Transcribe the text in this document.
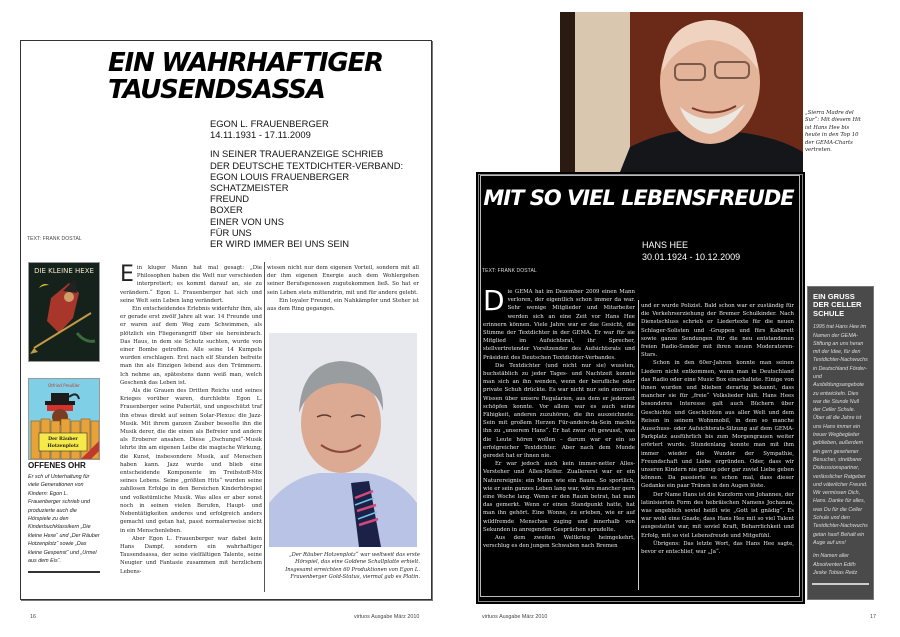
EIN WAHRHAFTIGER
TAUSENDSASSA
EGON L. FRAUENBERGER
14.11.1931 - 17.11.2009
IN SEINER TRAUERANZEIGE SCHRIEB
DER DEUTSCHE TEXTDICHTER-VERBAND:
EGON LOUIS FRAUENBERGER
SCHATZMEISTER
FREUND
BOXER
EINER VON UNS
FÜR UNS
ER WIRD IMMER BEI UNS SEIN
TEXT: FRANK DOSTAL
DIE KLEINE HEXE
Otfried Preußler
Der Räuber
Hotzenplotz
OFFENES OHR
Er sch uf Unterhaltung für viele Generationen von Kindern: Egon L. Frauenberger schrieb und produzierte auch die Hörspiele zu den Kinderbuchklassikern „Die kleine Hexe“ und „Der Räuber Hotzenplotz“ sowie „Das kleine Gespenst“ und „Urmel aus dem Eis“.

Ein kluger Mann hat mal gesagt: „Die Philosophen haben die Welt nur verschieden interpretiert; es kommt darauf an, sie zu verändern.“ Egon L. Frauenberger hat sich und seine Welt sein Leben lang verändert.

Ein entscheidendes Erlebnis widerfuhr ihm, als er gerade erst zwölf Jahre alt war. 14 Freunde und er waren auf dem Weg zum Schwimmen, als plötzlich ein Fliegerangriff über sie hereinbrach. Das Haus, in dem sie Schutz suchten, wurde von einer Bombe getroffen. Alle seine 14 Kumpels wurden erschlagen. Erst nach elf Stunden befreite man ihn als Einzigen lebend aus den Trümmern. Ich nehme an, spätestens dann weiß man, welch Geschenk das Leben ist.

Als die Grauen des Dritten Reichs und seines Krieges vorüber waren, durchlebte Egon L. Frauenberger seine Pubertät, und ungeschützt traf ihn etwas direkt auf seinen Solar-Plexus: die Jazz-Musik. Mit ihrem ganzen Zauber beseelte ihn die Musik derer, die die einen als Befreier und andere als Eroberer ansahen. Diese „Dschungel“-Musik lehrte ihn am eigenen Leibe die magische Wirkung, die Kunst, insbesondere Musik, auf Menschen haben kann. Jazz wurde und blieb eine entscheidende Komponente im Treibstoff-Mix seines Lebens. Seine „größten Hits“ wurden seine zahllosen Erfolge in den Bereichen Kinderhörspiel und volkstümliche Musik. Was alles er aber sonst noch in seinen vielen Berufen, Haupt- und Nebentätigkeiten anderes und erfolgreich anders gemacht und getan hat, passt normalerweise nicht in ein Menschenleben.

Aber Egon L. Frauenberger war dabei kein Hans Dampf, sondern ein wahrhaftiger Tausendsassa, der seine vielfältigen Talente, seine Neugier und Fantasie zusammen mit herzlichem Lebens-

wissen nicht nur dem eigenen Vorteil, sondern mit all der ihm eigenen Energie auch dem Wohlergehen seiner Berufsgenossen zugutekommen ließ. So hat er sein Leben stets mittendrin, mit und für andere gelebt.

Ein loyaler Freund, ein Nahkämpfer und Steher ist aus dem Ring gegangen.

„Der Räuber Hotzenplotz“ war weltweit das erste Hörspiel, das eine Goldene Schallplatte erhielt. Insgesamt erreichten 60 Produktionen von Egon L. Frauenberger Gold-Status, viermal gab es Platin.
16	virtuos Ausgabe März 2010
„Sierra Madre del Sur“: Mit diesem Hit ist Hans Hee bis heute in den Top 10 der GEMA-Charts vertreten.
MIT SO VIEL LEBENSFREUDE
HANS HEE
30.01.1924 - 10.12.2009
TEXT: FRANK DOSTAL

Die GEMA hat im Dezember 2009 einen Mann verloren, der eigentlich schon immer da war. Sehr wenige Mitglieder und Mitarbeiter werden sich an eine Zeit vor Hans Hee erinnern können. Viele Jahre war er das Gesicht, die Stimme der Textdichter in der GEMA. Er war für sie Mitglied im Aufsichtsrat, ihr Sprecher, stellvertretender Vorsitzender des Aufsichtsrats und Präsident des Deutschen Textdichter-Verbandes.

Die Textdichter (und nicht nur sie) wussten, buchstäblich zu jeder Tages- und Nachtzeit konnte man sich an ihn wenden, wenn der berufliche oder private Schuh drückte. Es war nicht nur sein enormes Wissen über unsere Regularien, aus dem er jederzeit schöpfen konnte. Vor allem war es auch seine Fähigkeit, anderen zuzuhören, die ihn auszeichnete. Sein mit großem Herzen Für-andere-da-Sein machte ihn zu „unserem Hans“. Er hat zwar oft gewusst, was die Leute hören wollen – darum war er ein so erfolgreicher Textdichter. Aber nach dem Munde geredet hat er ihnen nie.

Er war jedoch auch kein immer-netter Alles-Versteher und Allen-Helfer. Zuallererst war er ein Naturereignis: ein Mann wie ein Baum. So sportlich, wie er sein ganzes Leben lang war, wäre mancher gern eine Woche lang. Wenn er den Raum betrat, hat man das gemerkt. Wenn er einen Standpunkt hatte, hat man ihn gehört. Eine Wonne, zu erleben, wie er auf wildfremde Menschen zuging und innerhalb von Sekunden in anregenden Gesprächen sprudelte.

Aus dem zweiten Weltkrieg heimgekehrt, verschlug es den jungen Schwaben nach Bremen

und er wurde Polizist. Bald schon war er zuständig für die Verkehrserziehung der Bremer Schulkinder. Nach Dienstschluss schrieb er Liedertexte für die neuen Schlager-Solisten und -Gruppen und fürs Kabarett sowie ganze Sendungen für die neu entstandenen freien Radio-Sender mit ihren neuen Moderatoren-Stars.

Schon in den 60er-Jahren konnte man seinen Liedern nicht entkommen, wenn man in Deutschland das Radio oder eine Music Box einschaltete. Einige von ihnen wurden und blieben derartig bekannt, dass mancher sie für „freie“ Volkslieder hält. Hans Hees besonderes Interesse galt auch Büchern über Geschichte und Geschichten aus aller Welt und dem Reisen in seinem Wohnmobil, in dem so manche Ausschuss- oder Aufsichtsrats-Sitzung auf dem GEMA-Parkplatz ausführlich bis zum Morgengrauen weiter erörtert wurde. Stundenlang konnte man mit ihm immer wieder die Wunder der Sympathie, Freundschaft und Liebe ergründen. Oder, dass wir unseren Kindern nie genug oder gar zuviel Liebe geben können. Da passierte es schon mal, dass dieser Gedanke ein paar Tränen in den Augen löste.

Der Name Hans ist die Kurzform von Johannes, der latinisierten Form des hebräischen Namens Jochanan, was angeblich soviel heißt wie „Gott ist gnädig“. Es war wohl eine Gnade, dass Hans Hee mit so viel Talent ausgestattet war, mit soviel Kraft, Beharrlichkeit und Erfolg, mit so viel Lebensfreude und Mitgefühl.

Übrigens: Das letzte Wort, das Hans Hee sagte, bevor er entschlief, war „Ja“.

EIN GRUSS
DER CELLER
SCHULE
1995 trat Hans Hee im Namen der GEMA-Stiftung an uns heran mit der Idee, für den Textdichter-Nachwuchs in Deutschland Förder- und Ausbildungsangebote zu entwickeln. Dies war die Stunde Null der Celler Schule. Über all die Jahre ist uns Hans immer ein treuer Wegbegleiter geblieben, außerdem ein gern gesehener Besucher, streitbarer Diskussionspartner, verlässlicher Ratgeber und väterlicher Freund. Wir vermissen Dich, Hans. Danke für alles, was Du für die Celler Schule und den Textdichter-Nachwuchs getan hast! Behalt ein Auge auf uns!
Im Namen aller Absolventen Edith Jeske Tobias Reitz
virtuos Ausgabe März 2010	17
